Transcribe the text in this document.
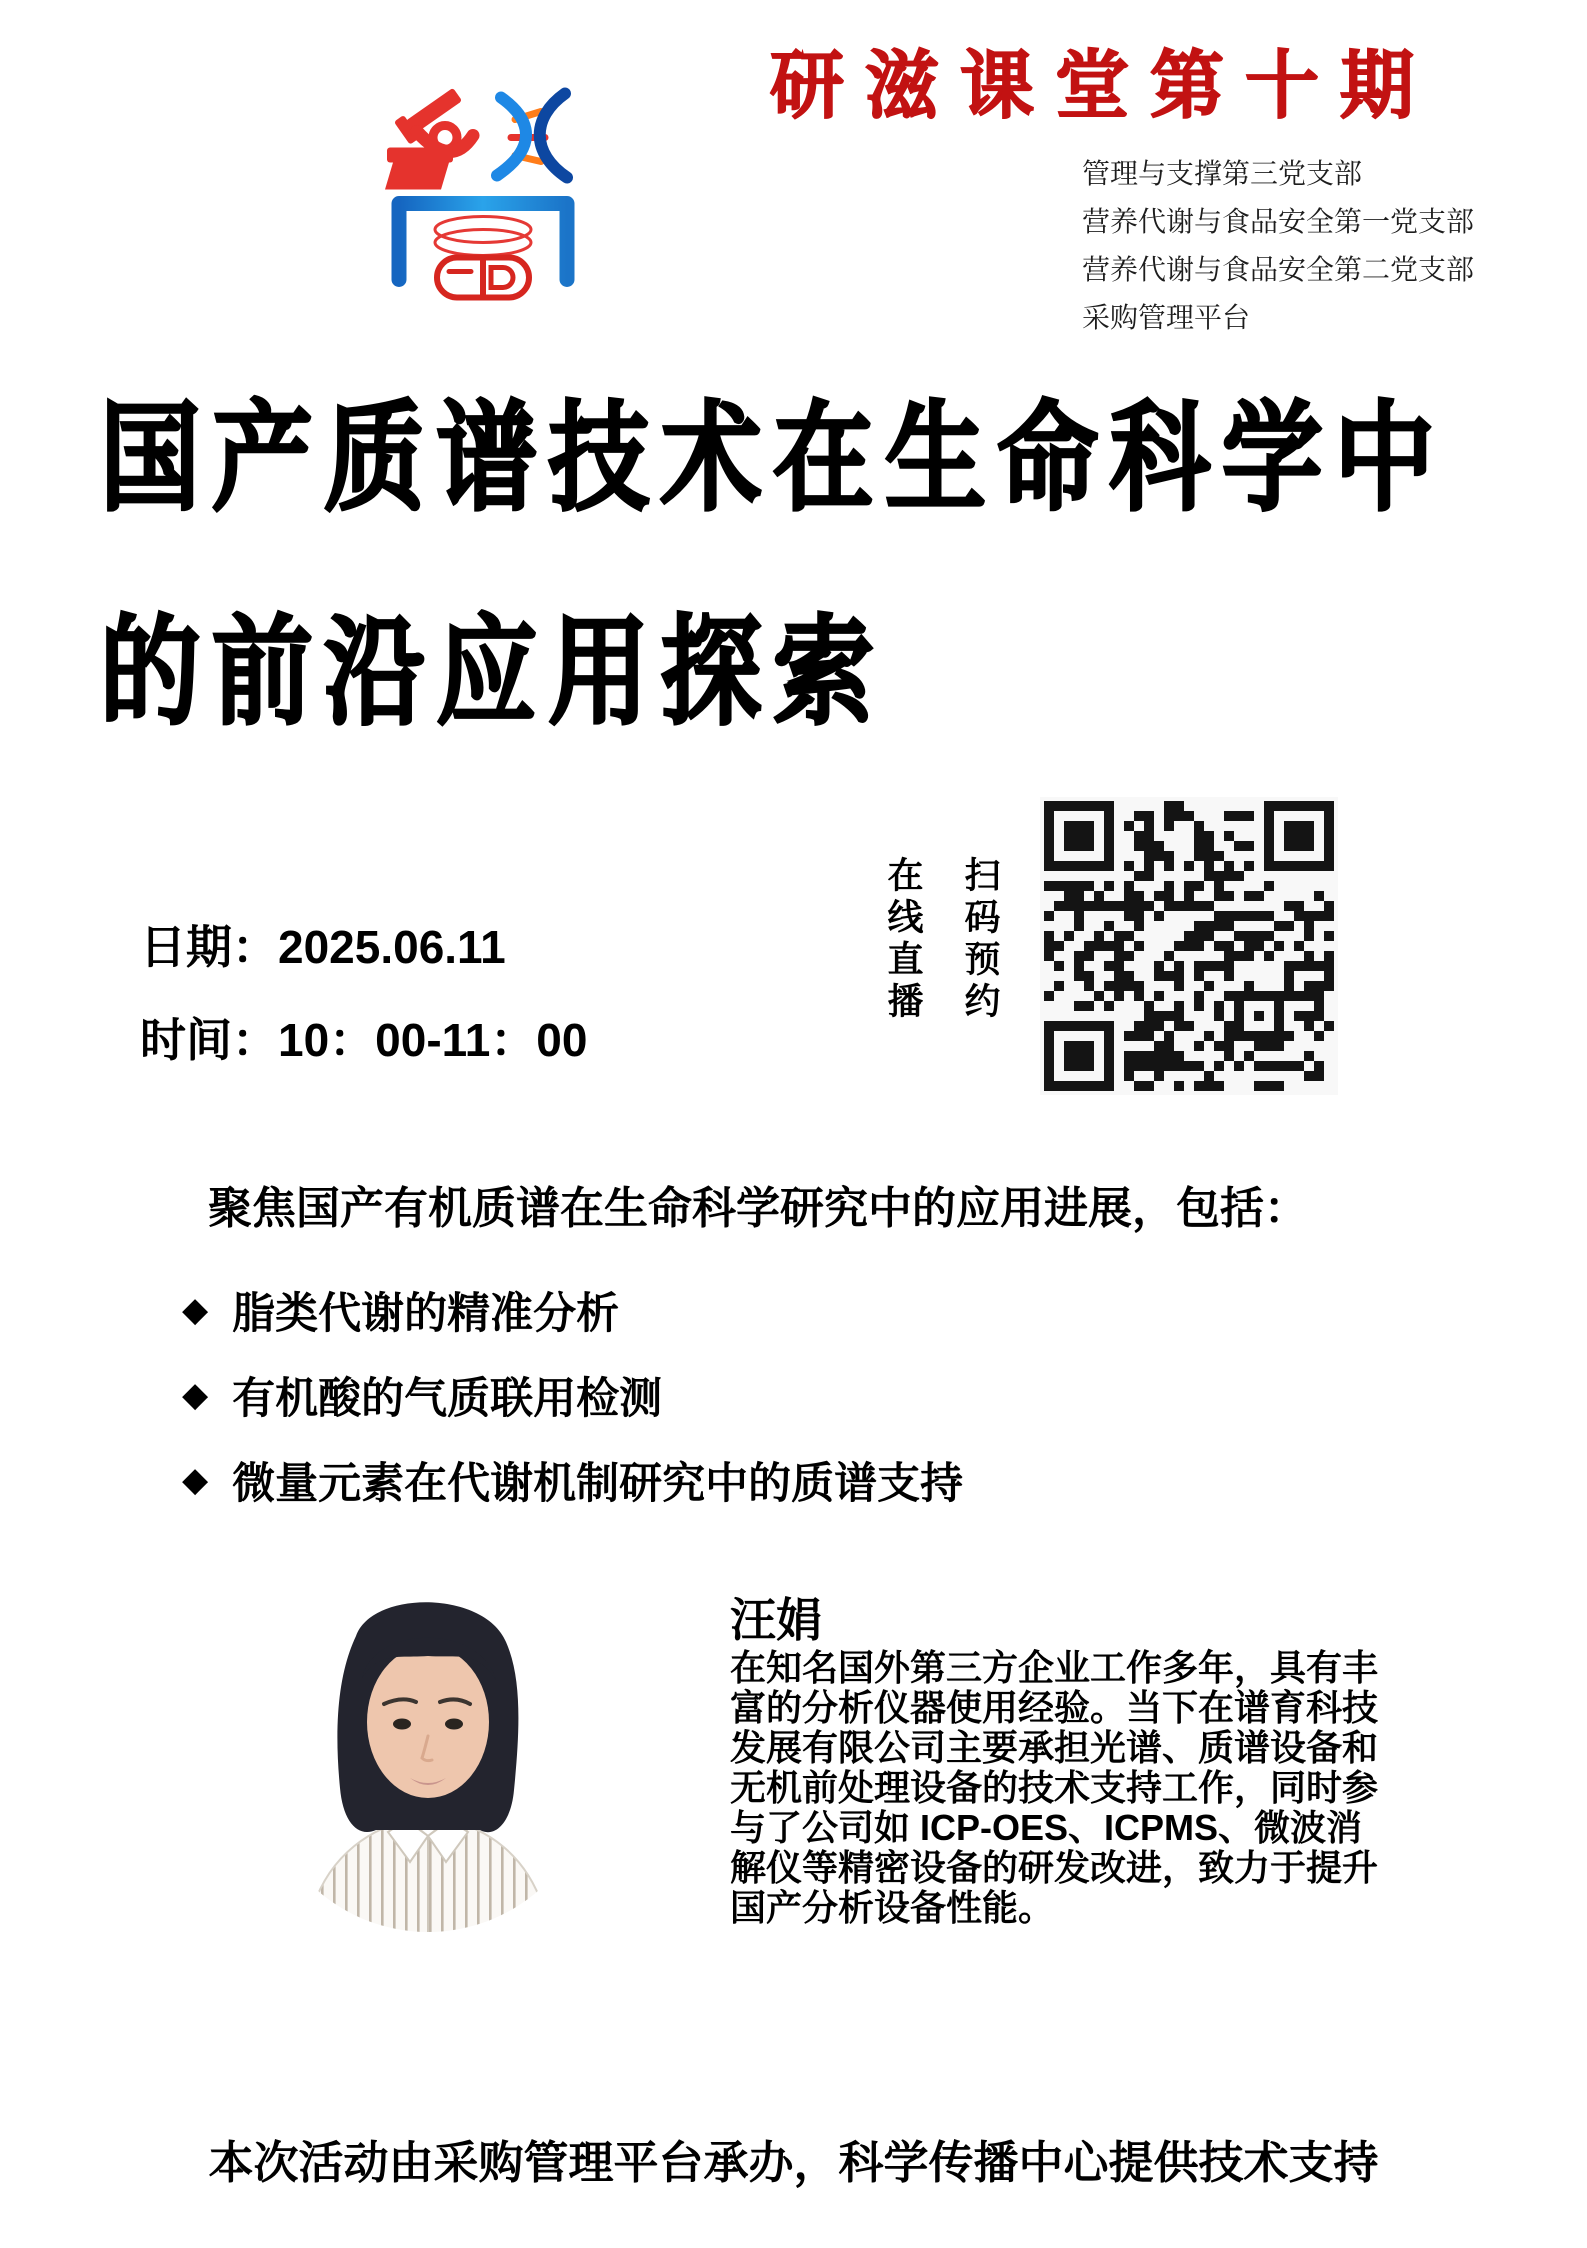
研滋课堂第十期
管理与支撑第三党支部
营养代谢与食品安全第一党支部
营养代谢与食品安全第二党支部
采购管理平台
国产质谱技术在生命科学中
的前沿应用探索
日期：2025.06.11
时间：10：00-11：00
在线直播 扫码预约
聚焦国产有机质谱在生命科学研究中的应用进展，包括：
◆ 脂类代谢的精准分析
◆ 有机酸的气质联用检测
◆ 微量元素在代谢机制研究中的质谱支持
汪娟
在知名国外第三方企业工作多年，具有丰
富的分析仪器使用经验。当下在谱育科技
发展有限公司主要承担光谱、质谱设备和
无机前处理设备的技术支持工作，同时参
与了公司如 ICP-OES、ICPMS、微波消
解仪等精密设备的研发改进，致力于提升
国产分析设备性能。
本次活动由采购管理平台承办，科学传播中心提供技术支持
